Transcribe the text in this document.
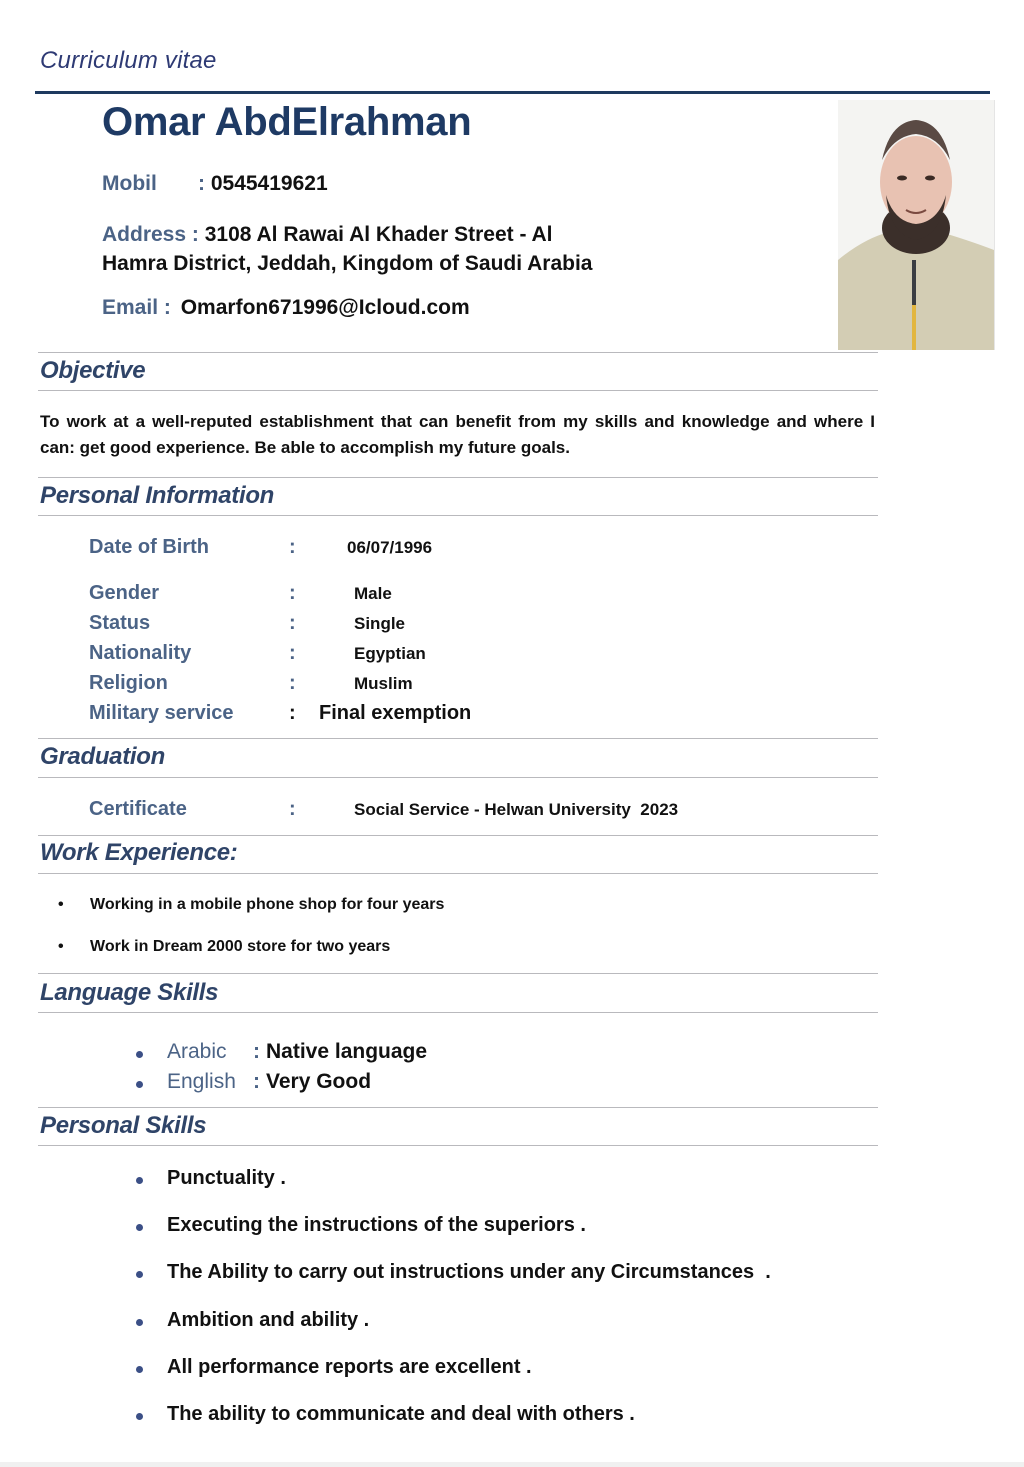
Curriculum vitae
Omar AbdElrahman
Mobil : 0545419621
Address : 3108 Al Rawai Al Khader Street - Al
Hamra District, Jeddah, Kingdom of Saudi Arabia
Email : Omarfon671996@Icloud.com
Objective
To work at a well-reputed establishment that can benefit from my skills and knowledge and where I can: get good experience. Be able to accomplish my future goals.
Personal Information
Date of Birth	:	06/07/1996
Gender	:	Male
Status	:	Single
Nationality	:	Egyptian
Religion	:	Muslim
Military service	: Final exemption
Graduation
Certificate	:	Social Service - Helwan University  2023
Work Experience:
• Working in a mobile phone shop for four years
• Work in Dream 2000 store for two years
Language Skills
Arabic : Native language
English : Very Good
Personal Skills
Punctuality .
Executing the instructions of the superiors .
The Ability to carry out instructions under any Circumstances  .
Ambition and ability .
All performance reports are excellent .
The ability to communicate and deal with others .
